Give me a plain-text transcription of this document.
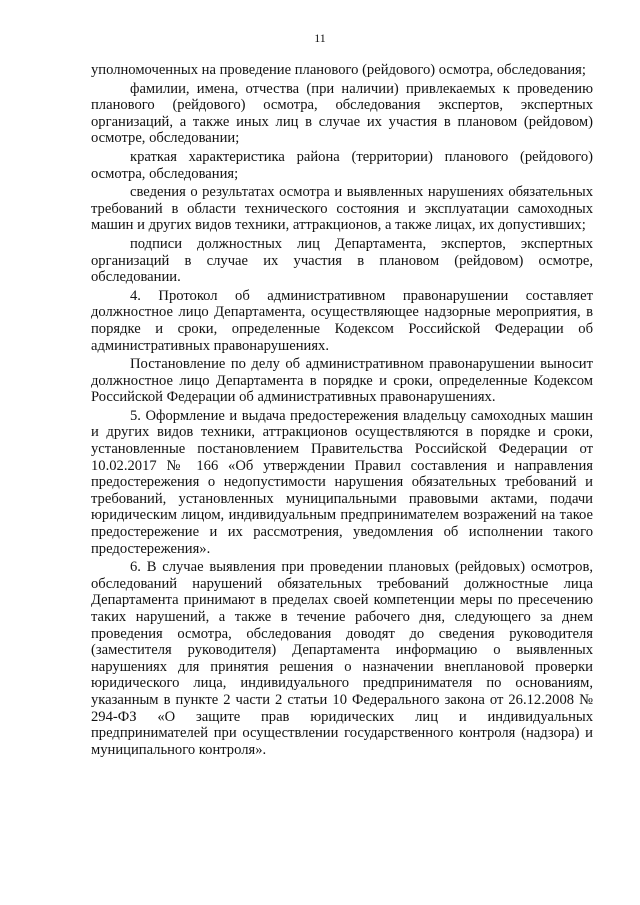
11

уполномоченных на проведение планового (рейдового) осмотра, обследования;

фамилии, имена, отчества (при наличии) привлекаемых к проведению планового (рейдового) осмотра, обследования экспертов, экспертных организаций, а также иных лиц в случае их участия в плановом (рейдовом) осмотре, обследовании;

краткая характеристика района (территории) планового (рейдового) осмотра, обследования;

сведения о результатах осмотра и выявленных нарушениях обязательных требований в области технического состояния и эксплуатации самоходных машин и других видов техники, аттракционов, а также лицах, их допустивших;

подписи должностных лиц Департамента, экспертов, экспертных организаций в случае их участия в плановом (рейдовом) осмотре, обследовании.

4. Протокол об административном правонарушении составляет должностное лицо Департамента, осуществляющее надзорные мероприятия, в порядке и сроки, определенные Кодексом Российской Федерации об административных правонарушениях.

Постановление по делу об административном правонарушении выносит должностное лицо Департамента в порядке и сроки, определенные Кодексом Российской Федерации об административных правонарушениях.

5. Оформление и выдача предостережения владельцу самоходных машин и других видов техники, аттракционов осуществляются в порядке и сроки, установленные постановлением Правительства Российской Федерации от 10.02.2017 № 166 «Об утверждении Правил составления и направления предостережения о недопустимости нарушения обязательных требований и требований, установленных муниципальными правовыми актами, подачи юридическим лицом, индивидуальным предпринимателем возражений на такое предостережение и их рассмотрения, уведомления об исполнении такого предостережения».

6. В случае выявления при проведении плановых (рейдовых) осмотров, обследований нарушений обязательных требований должностные лица Департамента принимают в пределах своей компетенции меры по пресечению таких нарушений, а также в течение рабочего дня, следующего за днем проведения осмотра, обследования доводят до сведения руководителя (заместителя руководителя) Департамента информацию о выявленных нарушениях для принятия решения о назначении внеплановой проверки юридического лица, индивидуального предпринимателя по основаниям, указанным в пункте 2 части 2 статьи 10 Федерального закона от 26.12.2008 № 294-ФЗ «О защите прав юридических лиц и индивидуальных предпринимателей при осуществлении государственного контроля (надзора) и муниципального контроля».
